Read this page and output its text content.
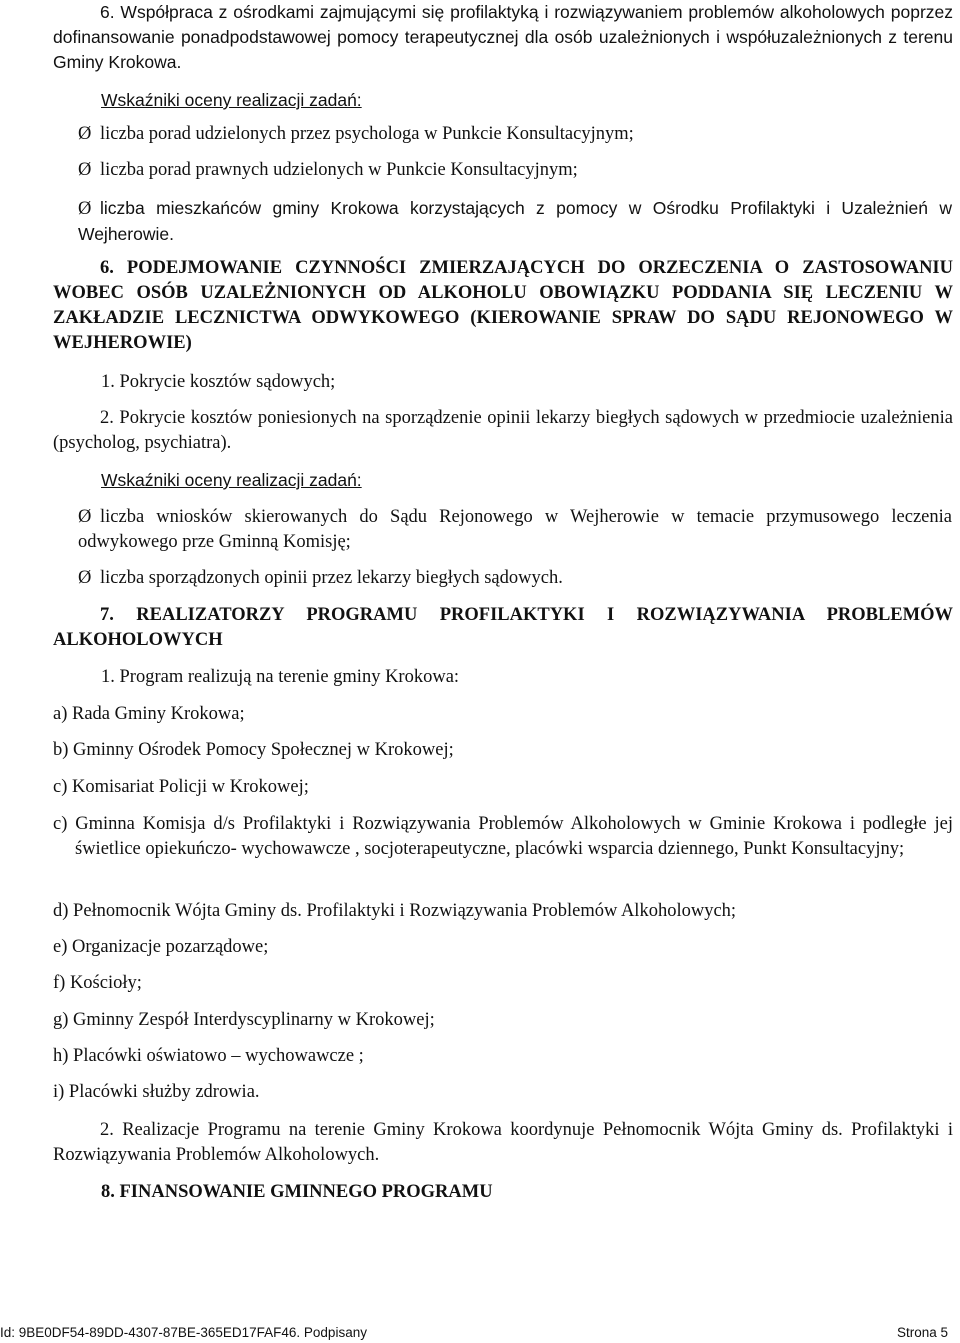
6. Współpraca z ośrodkami zajmującymi się profilaktyką i rozwiązywaniem problemów alkoholowych poprzez dofinansowanie ponadpodstawowej pomocy terapeutycznej dla osób uzależnionych i współuzależnionych z terenu Gminy Krokowa.
Wskaźniki oceny realizacji zadań:
Ø liczba porad udzielonych przez psychologa w Punkcie Konsultacyjnym;
Ø liczba porad prawnych udzielonych w Punkcie Konsultacyjnym;
Ø liczba mieszkańców gminy Krokowa korzystających z pomocy w Ośrodku Profilaktyki i Uzależnień w Wejherowie.
6. PODEJMOWANIE CZYNNOŚCI ZMIERZAJĄCYCH DO ORZECZENIA O ZASTOSOWANIU WOBEC OSÓB UZALEŻNIONYCH OD ALKOHOLU OBOWIĄZKU PODDANIA SIĘ LECZENIU W ZAKŁADZIE LECZNICTWA ODWYKOWEGO (KIEROWANIE SPRAW DO SĄDU REJONOWEGO W WEJHEROWIE)
1. Pokrycie kosztów sądowych;
2. Pokrycie kosztów poniesionych na sporządzenie opinii lekarzy biegłych sądowych w przedmiocie uzależnienia (psycholog, psychiatra).
Wskaźniki oceny realizacji zadań:
Ø liczba wniosków skierowanych do Sądu Rejonowego w Wejherowie w temacie przymusowego leczenia odwykowego prze Gminną Komisję;
Ø liczba sporządzonych opinii przez lekarzy biegłych sądowych.
7. REALIZATORZY PROGRAMU PROFILAKTYKI I ROZWIĄZYWANIA PROBLEMÓW ALKOHOLOWYCH
1. Program realizują na terenie gminy Krokowa:
a) Rada Gminy Krokowa;
b) Gminny Ośrodek Pomocy Społecznej w Krokowej;
c) Komisariat Policji w Krokowej;
c) Gminna Komisja d/s Profilaktyki i Rozwiązywania Problemów Alkoholowych w Gminie Krokowa i podległe jej świetlice opiekuńczo- wychowawcze , socjoterapeutyczne, placówki wsparcia dziennego, Punkt Konsultacyjny;
d) Pełnomocnik Wójta Gminy ds. Profilaktyki i Rozwiązywania Problemów Alkoholowych;
e) Organizacje pozarządowe;
f) Kościoły;
g) Gminny Zespół Interdyscyplinarny w Krokowej;
h) Placówki oświatowo – wychowawcze ;
i) Placówki służby zdrowia.
2. Realizacje Programu na terenie Gminy Krokowa koordynuje Pełnomocnik Wójta Gminy ds. Profilaktyki i Rozwiązywania Problemów Alkoholowych.
8. FINANSOWANIE GMINNEGO PROGRAMU
Id: 9BE0DF54-89DD-4307-87BE-365ED17FAF46. Podpisany	Strona 5
